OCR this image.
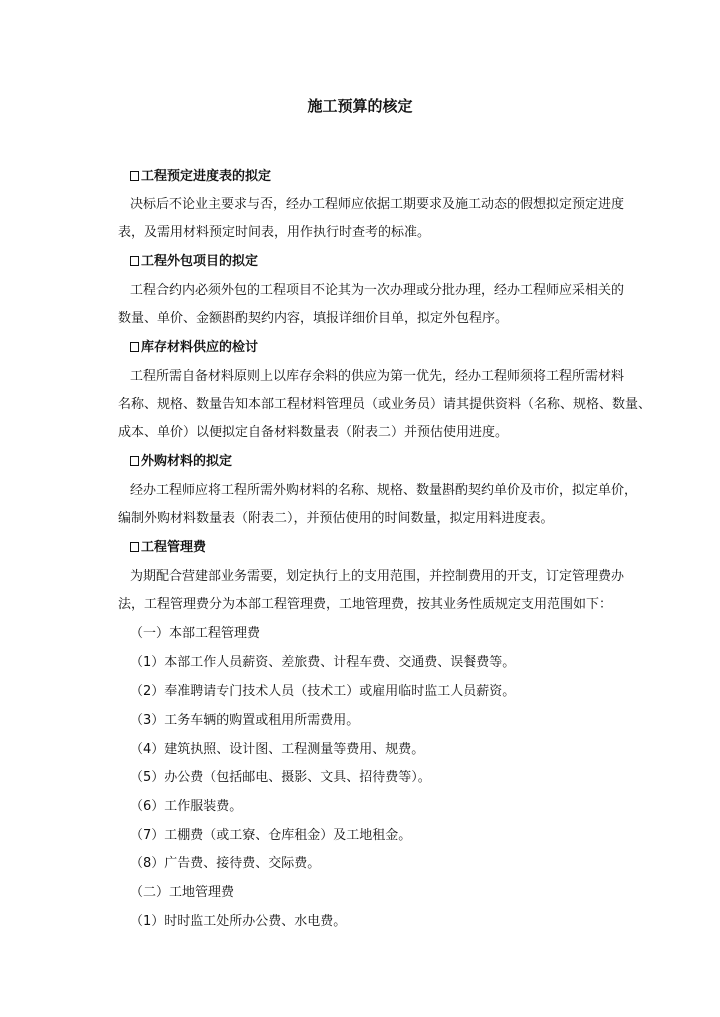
施工预算的核定
工程预定进度表的拟定
决标后不论业主要求与否，经办工程师应依据工期要求及施工动态的假想拟定预定进度
表，及需用材料预定时间表，用作执行时查考的标准。
工程外包项目的拟定
工程合约内必须外包的工程项目不论其为一次办理或分批办理，经办工程师应采相关的
数量、单价、金额斟酌契约内容，填报详细价目单，拟定外包程序。
库存材料供应的检讨
工程所需自备材料原则上以库存余料的供应为第一优先，经办工程师须将工程所需材料
名称、规格、数量告知本部工程材料管理员（或业务员）请其提供资料（名称、规格、数量、
成本、单价）以便拟定自备材料数量表（附表二）并预估使用进度。
外购材料的拟定
经办工程师应将工程所需外购材料的名称、规格、数量斟酌契约单价及市价，拟定单价，
编制外购材料数量表（附表二），并预估使用的时间数量，拟定用料进度表。
工程管理费
为期配合营建部业务需要，划定执行上的支用范围，并控制费用的开支，订定管理费办
法，工程管理费分为本部工程管理费，工地管理费，按其业务性质规定支用范围如下：
（一）本部工程管理费
（1）本部工作人员薪资、差旅费、计程车费、交通费、误餐费等。
（2）奉准聘请专门技术人员（技术工）或雇用临时监工人员薪资。
（3）工务车辆的购置或租用所需费用。
（4）建筑执照、设计图、工程测量等费用、规费。
（5）办公费（包括邮电、摄影、文具、招待费等）。
（6）工作服装费。
（7）工棚费（或工寮、仓库租金）及工地租金。
（8）广告费、接待费、交际费。
（二）工地管理费
（1）时时监工处所办公费、水电费。
